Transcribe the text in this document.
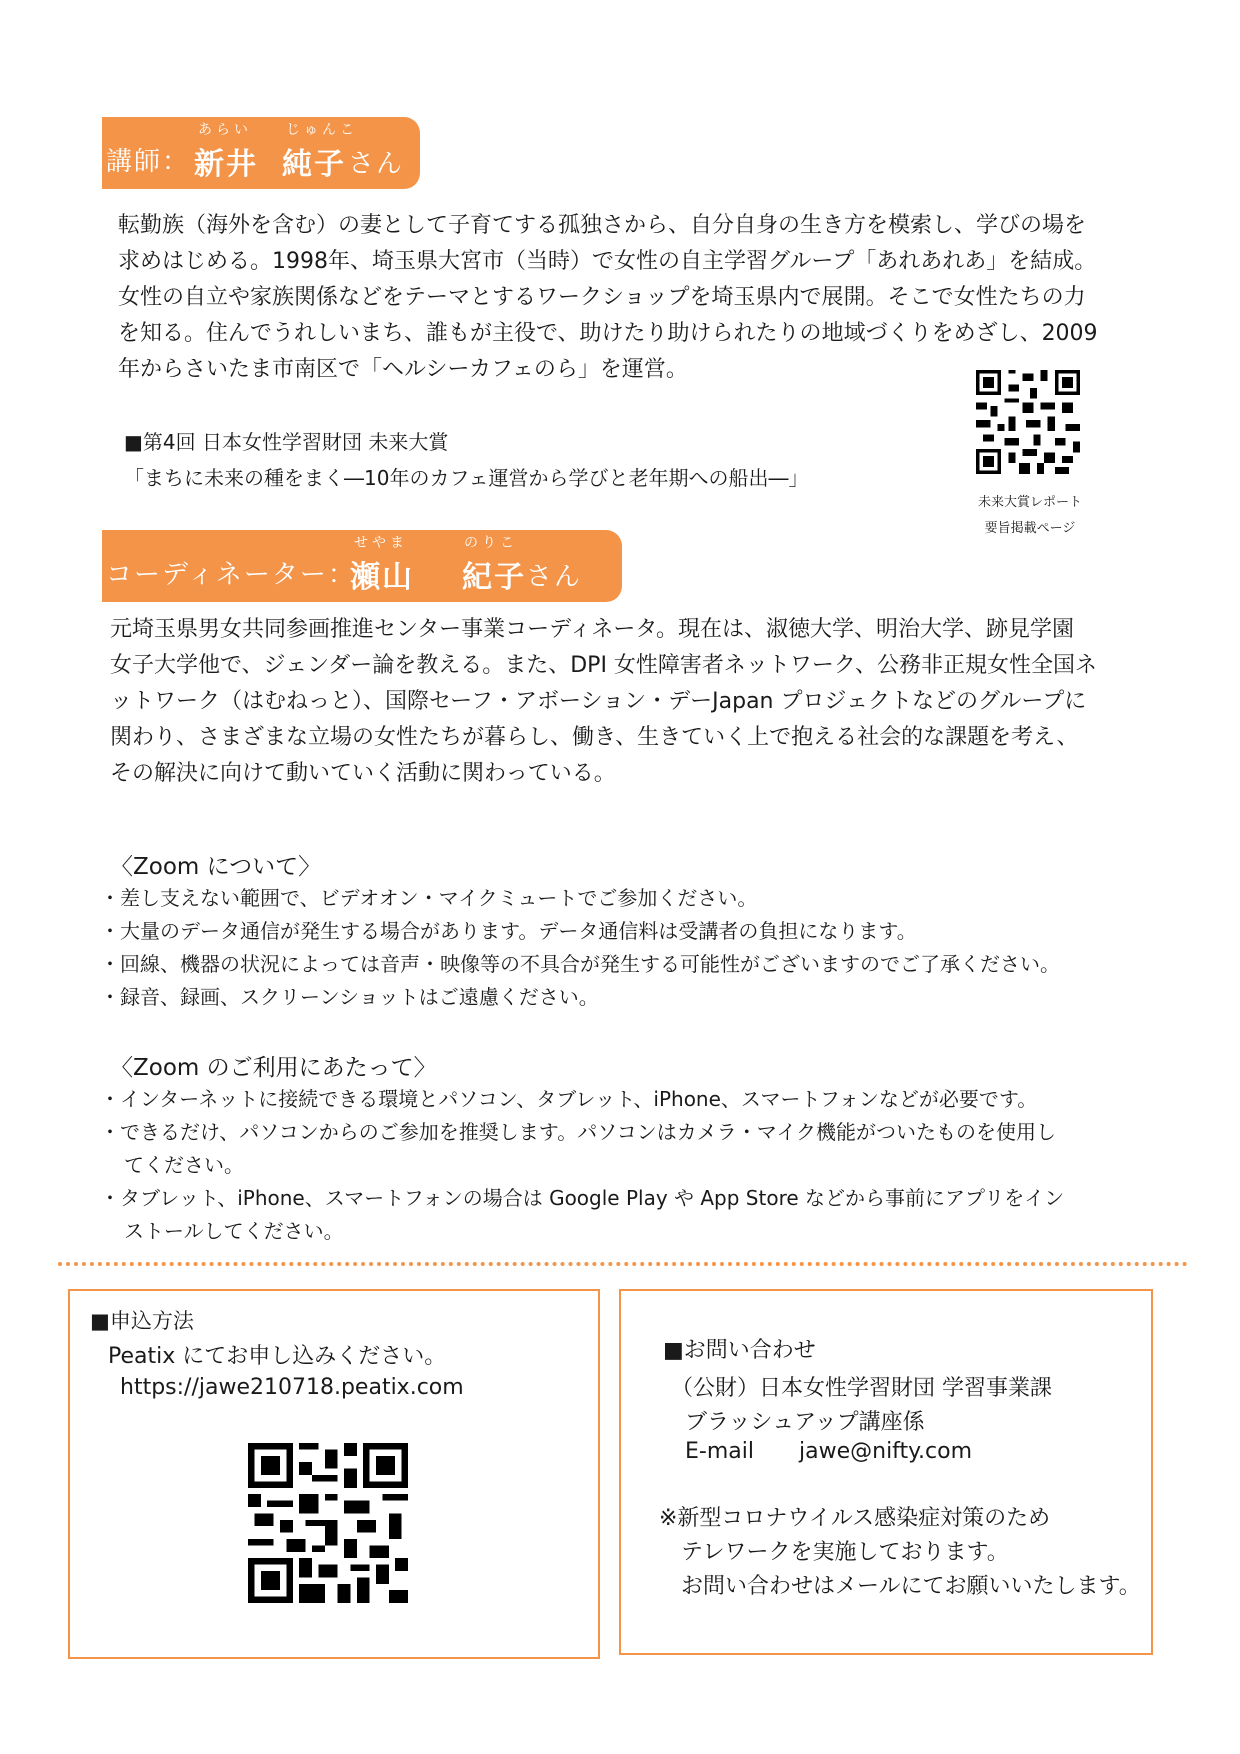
あらい じゅんこ
講師： 新井 純子 さん
転勤族（海外を含む）の妻として子育てする孤独さから、自分自身の生き方を模索し、学びの場を
求めはじめる。1998年、埼玉県大宮市（当時）で女性の自主学習グループ「あれあれあ」を結成。
女性の自立や家族関係などをテーマとするワークショップを埼玉県内で展開。そこで女性たちの力
を知る。住んでうれしいまち、誰もが主役で、助けたり助けられたりの地域づくりをめざし、2009
年からさいたま市南区で「ヘルシーカフェのら」を運営。
■第4回 日本女性学習財団 未来大賞
「まちに未来の種をまく―10年のカフェ運営から学びと老年期への船出―」
未来大賞レポート
要旨掲載ページ
せやま	のりこ
コーディネーター：
瀬山 紀子 さん
元埼玉県男女共同参画推進センター事業コーディネータ。現在は、淑徳大学、明治大学、跡見学園
女子大学他で、ジェンダー論を教える。また、DPI 女性障害者ネットワーク、公務非正規女性全国ネ
ットワーク（はむねっと）、国際セーフ・アボーション・デーJapan プロジェクトなどのグループに
関わり、さまざまな立場の女性たちが暮らし、働き、生きていく上で抱える社会的な課題を考え、
その解決に向けて動いていく活動に関わっている。
〈Zoom について〉
・差し支えない範囲で、ビデオオン・マイクミュートでご参加ください。
・大量のデータ通信が発生する場合があります。データ通信料は受講者の負担になります。
・回線、機器の状況によっては音声・映像等の不具合が発生する可能性がございますのでご了承ください。
・録音、録画、スクリーンショットはご遠慮ください。
〈Zoom のご利用にあたって〉
・インターネットに接続できる環境とパソコン、タブレット、iPhone、スマートフォンなどが必要です。
・できるだけ、パソコンからのご参加を推奨します。パソコンはカメラ・マイク機能がついたものを使用し
てください。
・タブレット、iPhone、スマートフォンの場合は Google Play や App Store などから事前にアプリをイン
ストールしてください。
■申込方法
Peatix にてお申し込みください。
https://jawe210718.peatix.com
■お問い合わせ
（公財）日本女性学習財団 学習事業課
ブラッシュアップ講座係
E-mail jawe@nifty.com
※新型コロナウイルス感染症対策のため
テレワークを実施しております。
お問い合わせはメールにてお願いいたします。
